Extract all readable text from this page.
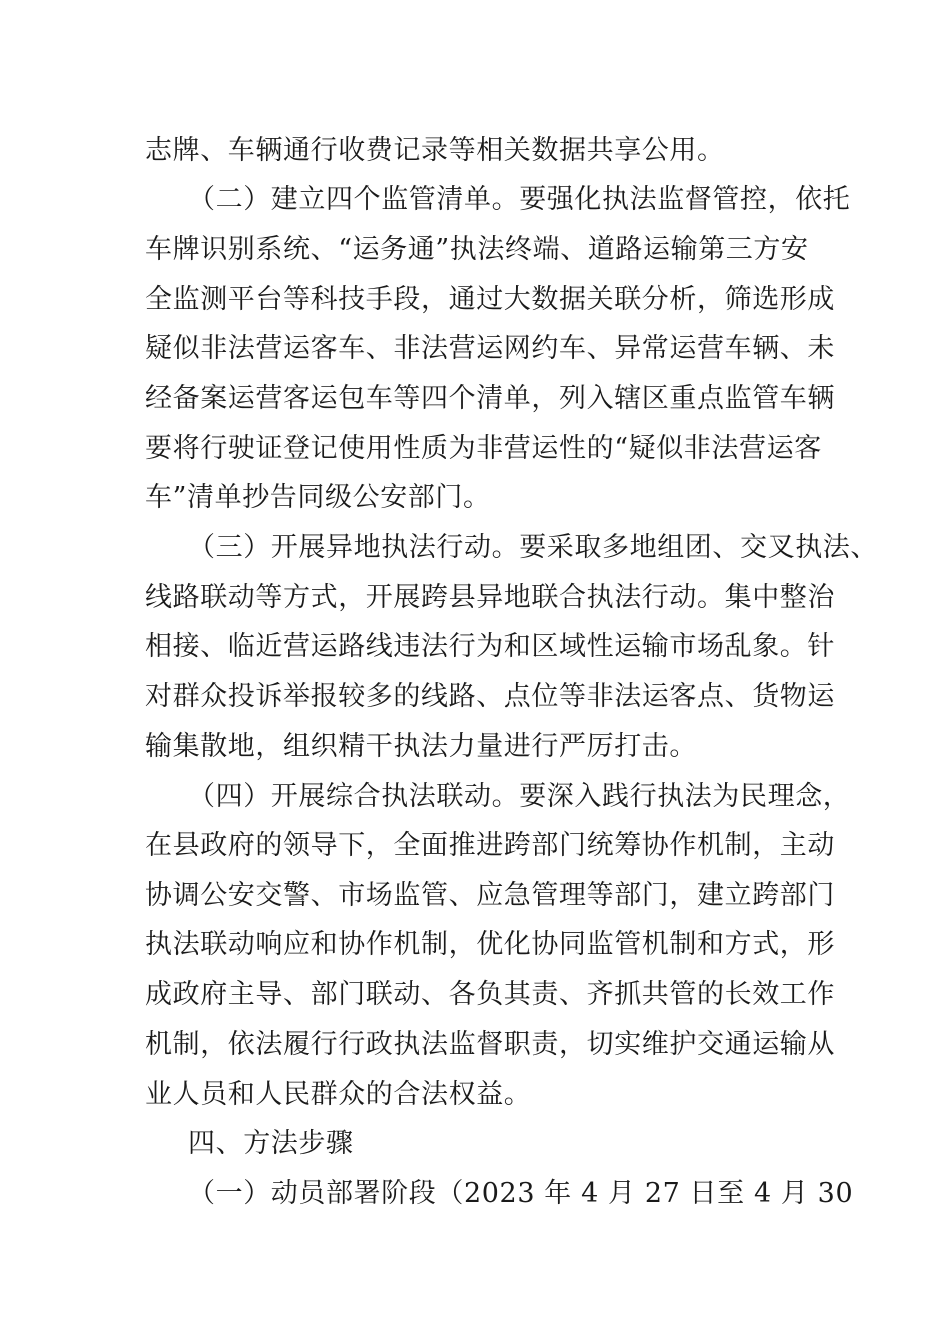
志牌、车辆通行收费记录等相关数据共享公用。
（二）建立四个监管清单。要强化执法监督管控，依托
车牌识别系统、“运务通”执法终端、道路运输第三方安
全监测平台等科技手段，通过大数据关联分析，筛选形成
疑似非法营运客车、非法营运网约车、异常运营车辆、未
经备案运营客运包车等四个清单，列入辖区重点监管车辆
要将行驶证登记使用性质为非营运性的“疑似非法营运客
车”清单抄告同级公安部门。
（三）开展异地执法行动。要采取多地组团、交叉执法、
线路联动等方式，开展跨县异地联合执法行动。集中整治
相接、临近营运路线违法行为和区域性运输市场乱象。针
对群众投诉举报较多的线路、点位等非法运客点、货物运
输集散地，组织精干执法力量进行严厉打击。
（四）开展综合执法联动。要深入践行执法为民理念，
在县政府的领导下，全面推进跨部门统筹协作机制，主动
协调公安交警、市场监管、应急管理等部门，建立跨部门
执法联动响应和协作机制，优化协同监管机制和方式，形
成政府主导、部门联动、各负其责、齐抓共管的长效工作
机制，依法履行行政执法监督职责，切实维护交通运输从
业人员和人民群众的合法权益。
四、方法步骤
（一）动员部署阶段（2023 年 4 月 27 日至 4 月 30
